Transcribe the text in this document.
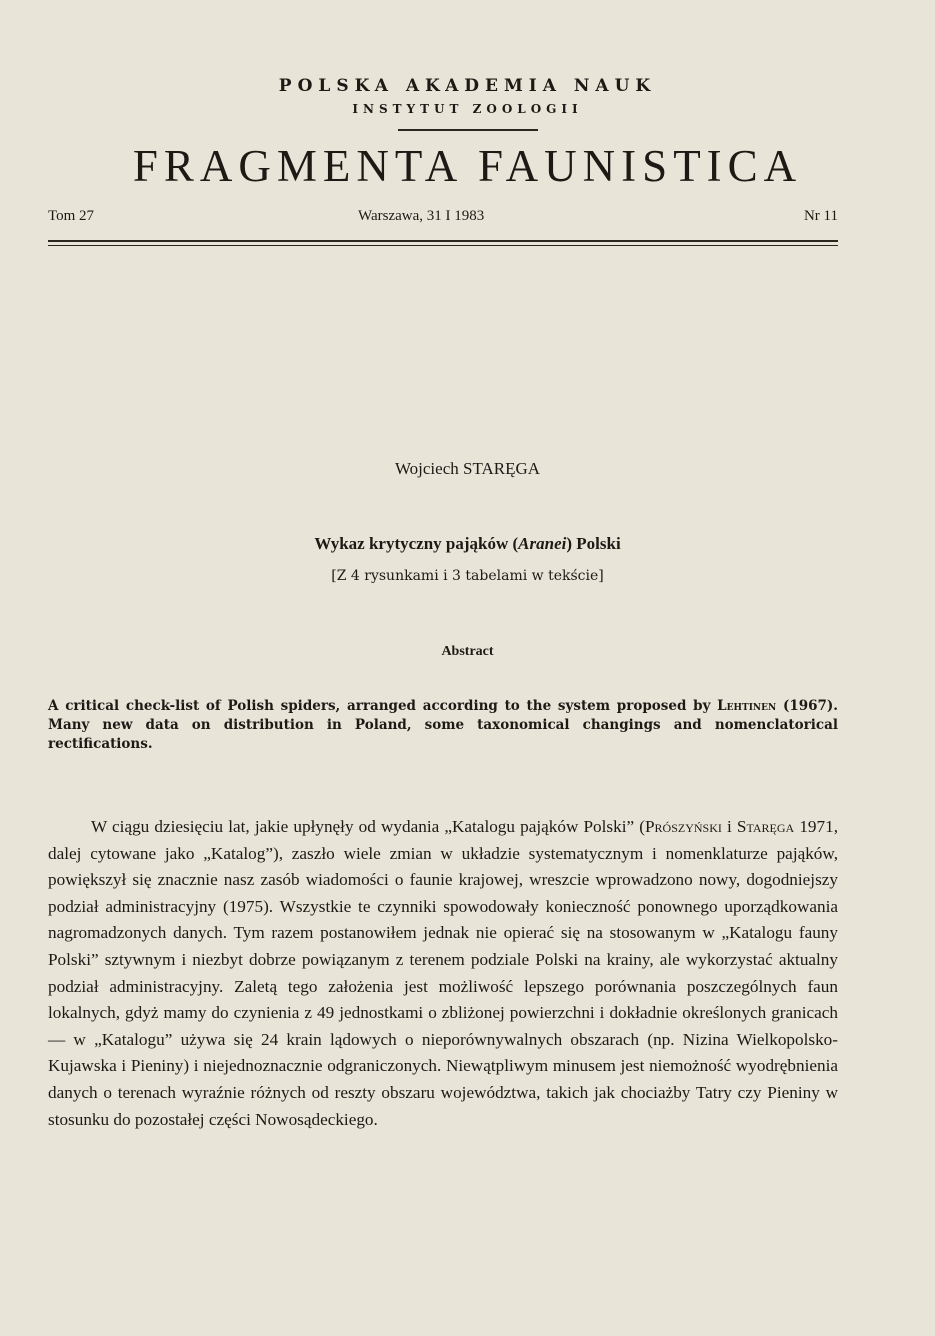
POLSKA AKADEMIA NAUK
INSTYTUT ZOOLOGII
FRAGMENTA FAUNISTICA
Tom 27	Warszawa, 31 I 1983	Nr 11
Wojciech STARĘGA
Wykaz krytyczny pająków (Aranei) Polski
[Z 4 rysunkami i 3 tabelami w tekście]
Abstract
A critical check-list of Polish spiders, arranged according to the system proposed by Lehtinen (1967). Many new data on distribution in Poland, some taxonomical changings and nomenclatorical rectifications.

W ciągu dziesięciu lat, jakie upłynęły od wydania „Katalogu pająków Polski” (Prószyński i Staręga 1971, dalej cytowane jako „Katalog”), zaszło wiele zmian w układzie systematycznym i nomenklaturze pająków, powiększył się znacznie nasz zasób wiadomości o faunie krajowej, wreszcie wprowadzono nowy, dogodniejszy podział administracyjny (1975). Wszystkie te czynniki spowodowały konieczność ponownego uporządkowania nagromadzonych danych. Tym razem postanowiłem jednak nie opierać się na stosowanym w „Katalogu fauny Polski” sztywnym i niezbyt dobrze powiązanym z terenem podziale Polski na krainy, ale wykorzystać aktualny podział administracyjny. Zaletą tego założenia jest możliwość lepszego porównania poszczególnych faun lokalnych, gdyż mamy do czynienia z 49 jednostkami o zbliżonej powierzchni i dokładnie określonych granicach — w „Katalogu” używa się 24 krain lądowych o nieporównywalnych obszarach (np. Nizina Wielkopolsko-Kujawska i Pieniny) i niejednoznacznie odgraniczonych. Niewątpliwym minusem jest niemożność wyodrębnienia danych o terenach wyraźnie różnych od reszty obszaru województwa, takich jak chociażby Tatry czy Pieniny w stosunku do pozostałej części Nowosądeckiego.
